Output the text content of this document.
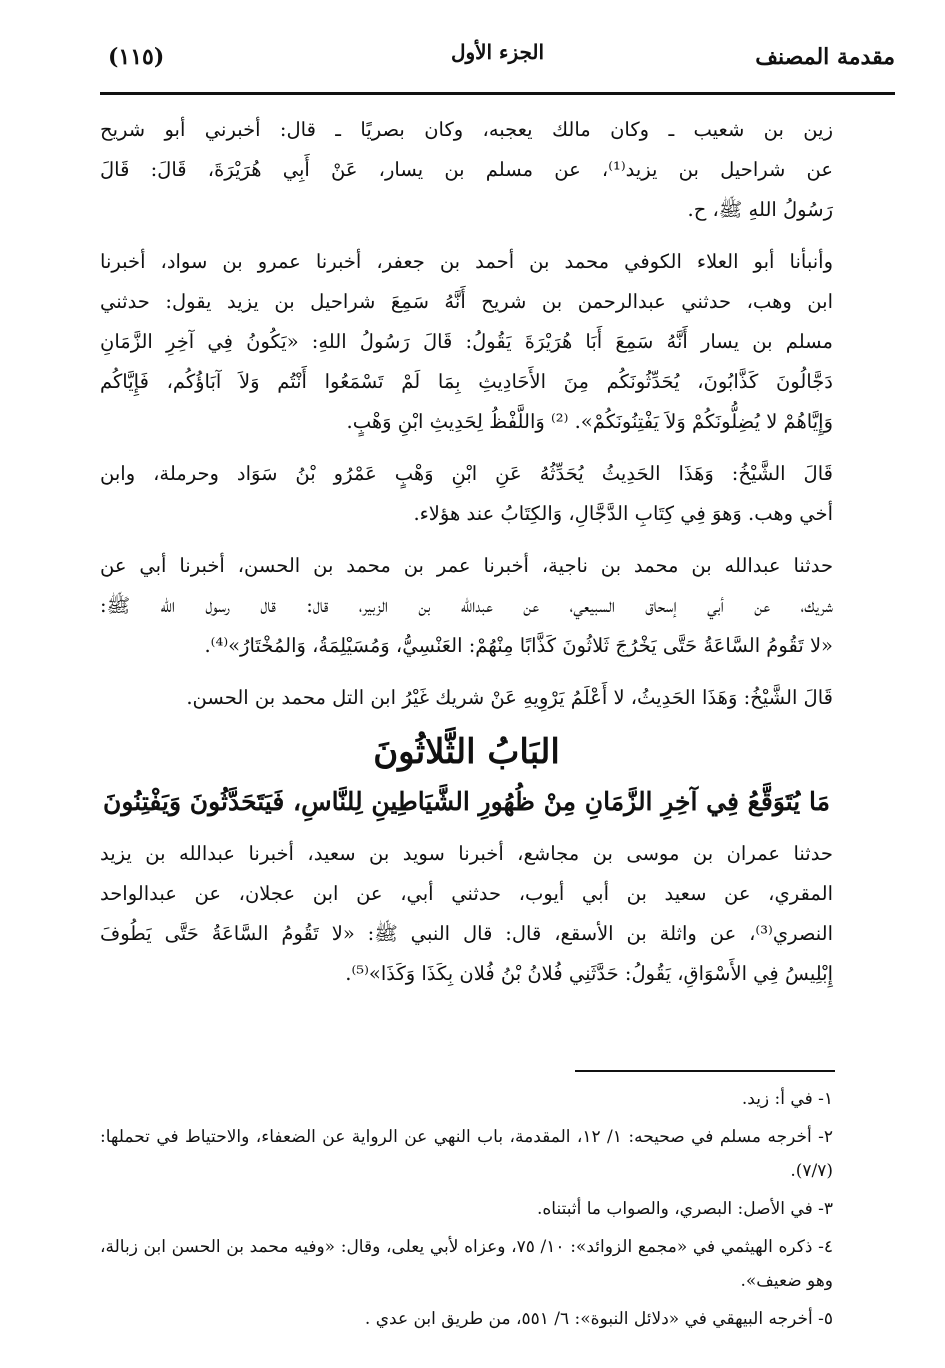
مقدمة المصنف
الجزء الأول
(١١٥)

زين بن شعيب ـ وكان مالك يعجبه، وكان بصريًا ـ قال: أخبرني أبو شريح
عن شراحيل بن يزيد⁽¹⁾، عن مسلم بن يسار، عَنْ أَبِي هُرَيْرَةَ، قَالَ: قَالَ
رَسُولُ اللهِ ﷺ، ح.

وأنبأنا أبو العلاء الكوفي محمد بن أحمد بن جعفر، أخبرنا عمرو بن سواد، أخبرنا
ابن وهب، حدثني عبدالرحمن بن شريح أَنَّهُ سَمِعَ شراحيل بن يزيد يقول: حدثني
مسلم بن يسار أَنَّهُ سَمِعَ أَبَا هُرَيْرَةَ يَقُولُ: قَالَ رَسُولُ اللهِ: «يَكُونُ فِي آخِرِ الزَّمَانِ
دَجَّالُونَ كَذَّابُونَ، يُحَدِّثُونَكُم مِنَ الأَحَادِيثِ بِمَا لَمْ تَسْمَعُوا أَنْتُم وَلاَ آبَاؤُكُم، فَإِيَّاكُم
وَإِيَّاهُمْ لا يُضِلُّونَكُمْ وَلاَ يَفْتِنُونَكُمْ». ⁽²⁾ وَاللَّفْظُ لِحَدِيثِ ابْنِ وَهْبٍ.

قَالَ الشَّيْخُ: وَهَذَا الحَدِيثُ يُحَدِّثُهُ عَنِ ابْنِ وَهْبٍ عَمْرُو بْنُ سَوَاد وحرملة، وابن
أخي وهب. وَهوَ فِي كِتَابِ الدَّجَّالِ، وَالكِتَابُ عند هؤلاء.

حدثنا عبدالله بن محمد بن ناجية، أخبرنا عمر بن محمد بن الحسن، أخبرنا أبي عن
شريك، عن أبي إسحاق السبيعي، عن عبدالله بن الزبير، قال: قال رسول الله ﷺ:
«لا تَقُومُ السَّاعَةُ حَتَّى يَخْرُجَ ثَلاثُونَ كَذَّابًا مِنْهُمْ: العَنْسِيُّ، وَمُسَيْلِمَةُ، وَالمُخْتَارُ»⁽⁴⁾.

قَالَ الشَّيْخُ: وَهَذَا الحَدِيثُ، لا أَعْلَمُ يَرْوِيهِ عَنْ شريك غَيْرُ ابن التل محمد بن الحسن.

البَابُ الثَّلاثُونَ
مَا يُتَوَقَّعُ فِي آخِرِ الزَّمَانِ مِنْ ظُهُورِ الشَّيَاطِينِ لِلنَّاسِ، فَيَتَحَدَّثُونَ وَيَفْتِنُونَ

حدثنا عمران بن موسى بن مجاشع، أخبرنا سويد بن سعيد، أخبرنا عبدالله بن يزيد
المقري، عن سعيد بن أبي أيوب، حدثني أبي، عن ابن عجلان، عن عبدالواحد
النصري⁽³⁾، عن واثلة بن الأسقع، قال: قال النبي ﷺ: «لا تَقُومُ السَّاعَةُ حَتَّى يَطُوفَ
إِبْلِيسُ فِي الأَسْوَاقِ، يَقُولُ: حَدَّثَنِي فُلانُ بْنُ فُلان بِكَذَا وَكَذَا»⁽⁵⁾.

١- في أ: زيد.

٢- أخرجه مسلم في صحيحه: ١/ ١٢، المقدمة، باب النهي عن الرواية عن الضعفاء، والاحتياط في تحملها: (٧/٧).

٣- في الأصل: البصري، والصواب ما أثبتناه.

٤- ذكره الهيثمي في «مجمع الزوائد»: ١٠/ ٧٥، وعزاه لأبي يعلى، وقال: «وفيه محمد بن الحسن ابن زبالة، وهو ضعيف».

٥- أخرجه البيهقي في «دلائل النبوة»: ٦/ ٥٥١، من طريق ابن عدي .
